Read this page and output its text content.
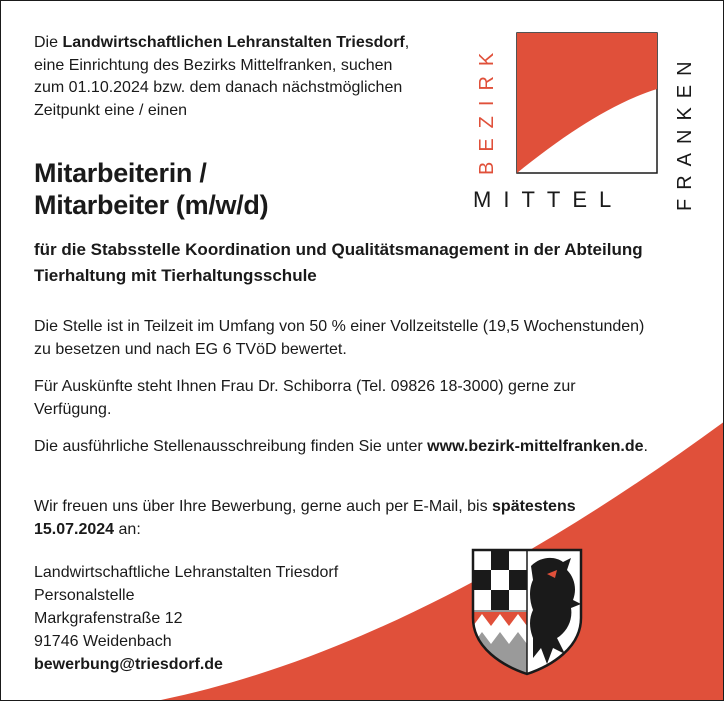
Die Landwirtschaftlichen Lehranstalten Triesdorf, eine Einrichtung des Bezirks Mittelfranken, suchen zum 01.10.2024 bzw. dem danach nächstmöglichen Zeitpunkt eine / einen
Mitarbeiterin /
Mitarbeiter (m/w/d)
für die Stabsstelle Koordination und Qualitätsmanagement in der Abteilung Tierhaltung mit Tierhaltungsschule
Die Stelle ist in Teilzeit im Umfang von 50 % einer Vollzeitstelle (19,5 Wochenstunden) zu besetzen und nach EG 6 TVöD bewertet.
Für Auskünfte steht Ihnen Frau Dr. Schiborra (Tel. 09826 18-3000) gerne zur Verfügung.
Die ausführliche Stellenausschreibung finden Sie unter www.bezirk-mittelfranken.de.
Wir freuen uns über Ihre Bewerbung, gerne auch per E-Mail, bis spätestens 15.07.2024 an:
Landwirtschaftliche Lehranstalten Triesdorf
Personalstelle
Markgrafenstraße 12
91746 Weidenbach
bewerbung@triesdorf.de
BEZIRK
MITTEL	FRANKEN
